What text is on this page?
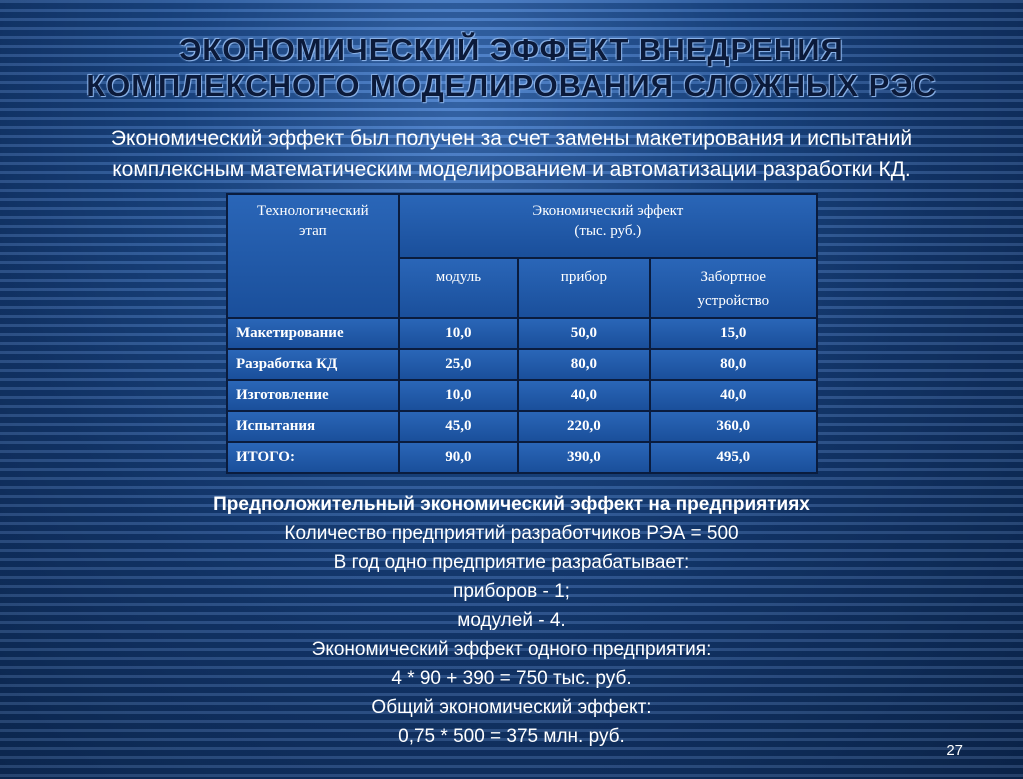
ЭКОНОМИЧЕСКИЙ ЭФФЕКТ ВНЕДРЕНИЯ
КОМПЛЕКСНОГО МОДЕЛИРОВАНИЯ СЛОЖНЫХ РЭС
Экономический эффект был получен за счет замены макетирования и испытаний
комплексным математическим моделированием и автоматизации разработки КД.
Технологический
этап	Экономический эффект
(тыс. руб.)		
	модуль	прибор	Забортное
устройство
Макетирование	10,0	50,0	15,0
Разработка КД	25,0	80,0	80,0
Изготовление	10,0	40,0	40,0
Испытания	45,0	220,0	360,0
ИТОГО:	90,0	390,0	495,0
Предположительный экономический эффект на предприятиях
Количество предприятий разработчиков РЭА = 500
В год одно предприятие разрабатывает:
приборов - 1;
модулей - 4.
Экономический эффект одного предприятия:
4 * 90 + 390 = 750 тыс. руб.
Общий экономический эффект:
0,75 * 500 = 375 млн. руб.
27
